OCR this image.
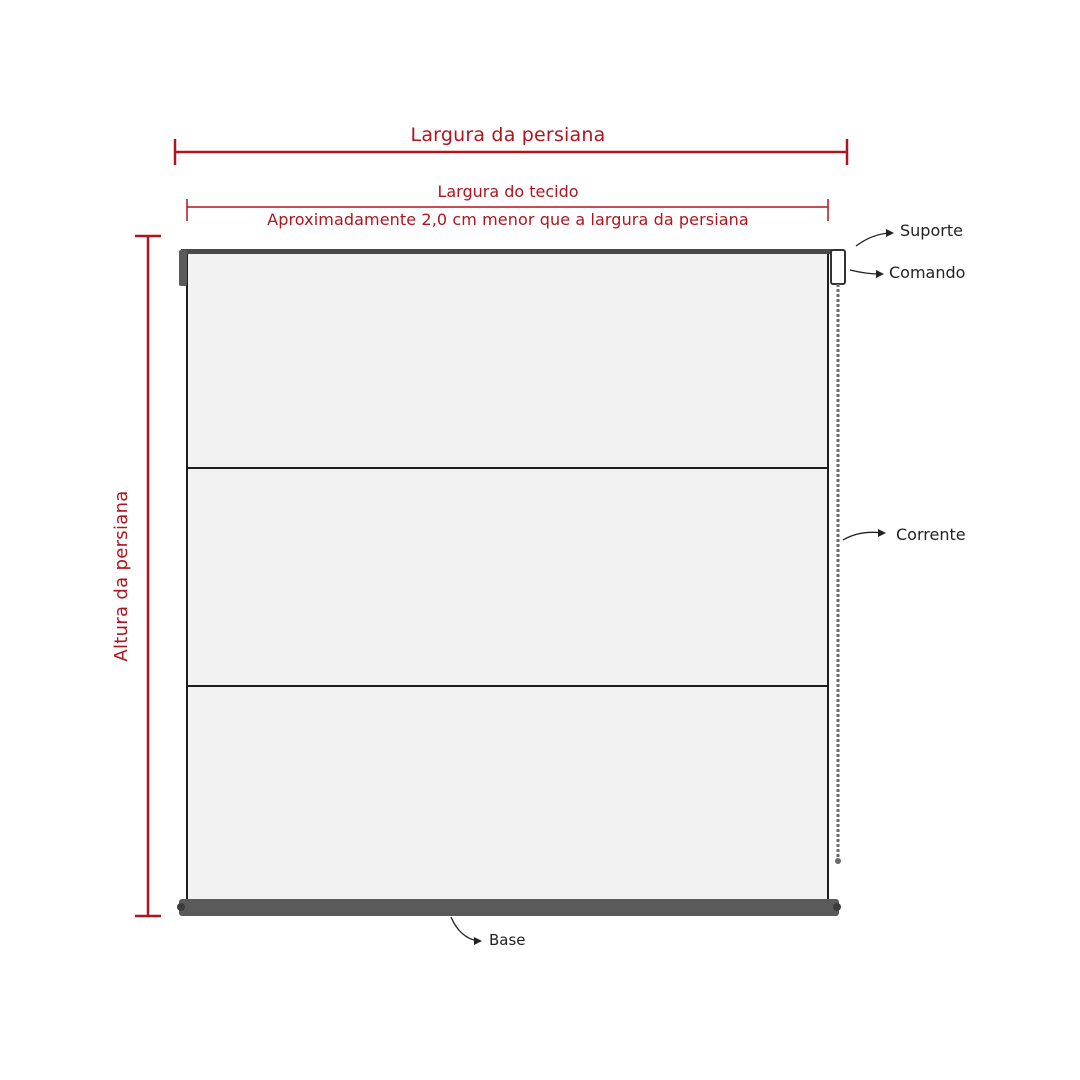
Largura da persiana
Largura do tecido
Aproximadamente 2,0 cm menor que a largura da persiana
Altura da persiana
Suporte
Comando
Corrente
Base
